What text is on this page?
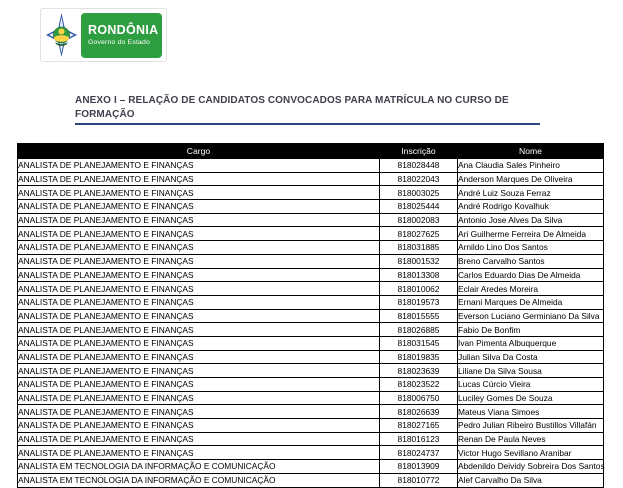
RONDÔNIA
Governo do Estado
ANEXO I – RELAÇÃO DE CANDIDATOS CONVOCADOS PARA MATRÍCULA NO CURSO DE FORMAÇÃO
Cargo	Inscrição	Nome
ANALISTA DE PLANEJAMENTO E FINANÇAS	818028448	Ana Claudia Sales Pinheiro
ANALISTA DE PLANEJAMENTO E FINANÇAS	818022043	Anderson Marques De Oliveira
ANALISTA DE PLANEJAMENTO E FINANÇAS	818003025	André Luiz Souza Ferraz
ANALISTA DE PLANEJAMENTO E FINANÇAS	818025444	André Rodrigo Kovalhuk
ANALISTA DE PLANEJAMENTO E FINANÇAS	818002083	Antonio Jose Alves Da Silva
ANALISTA DE PLANEJAMENTO E FINANÇAS	818027625	Ari Guilherme Ferreira De Almeida
ANALISTA DE PLANEJAMENTO E FINANÇAS	818031885	Arnildo Lino Dos Santos
ANALISTA DE PLANEJAMENTO E FINANÇAS	818001532	Breno Carvalho Santos
ANALISTA DE PLANEJAMENTO E FINANÇAS	818013308	Carlos Eduardo Dias De Almeida
ANALISTA DE PLANEJAMENTO E FINANÇAS	818010062	Eclair Aredes Moreira
ANALISTA DE PLANEJAMENTO E FINANÇAS	818019573	Ernani Marques De Almeida
ANALISTA DE PLANEJAMENTO E FINANÇAS	818015555	Everson Luciano Germiniano Da Silva
ANALISTA DE PLANEJAMENTO E FINANÇAS	818026885	Fabio De Bonfim
ANALISTA DE PLANEJAMENTO E FINANÇAS	818031545	Ivan Pimenta Albuquerque
ANALISTA DE PLANEJAMENTO E FINANÇAS	818019835	Julian Silva Da Costa
ANALISTA DE PLANEJAMENTO E FINANÇAS	818023639	Liliane Da Silva Sousa
ANALISTA DE PLANEJAMENTO E FINANÇAS	818023522	Lucas Cúrcio Vieira
ANALISTA DE PLANEJAMENTO E FINANÇAS	818006750	Luciley Gomes De Souza
ANALISTA DE PLANEJAMENTO E FINANÇAS	818026639	Mateus Viana Simoes
ANALISTA DE PLANEJAMENTO E FINANÇAS	818027165	Pedro Julian Ribeiro Bustillos Villafán
ANALISTA DE PLANEJAMENTO E FINANÇAS	818016123	Renan De Paula Neves
ANALISTA DE PLANEJAMENTO E FINANÇAS	818024737	Victor Hugo Sevillano Aranibar
ANALISTA EM TECNOLOGIA DA INFORMAÇÃO E COMUNICAÇÃO	818013909	Abdenildo Deividy Sobreira Dos Santos
ANALISTA EM TECNOLOGIA DA INFORMAÇÃO E COMUNICAÇÃO	818010772	Alef Carvalho Da Silva
